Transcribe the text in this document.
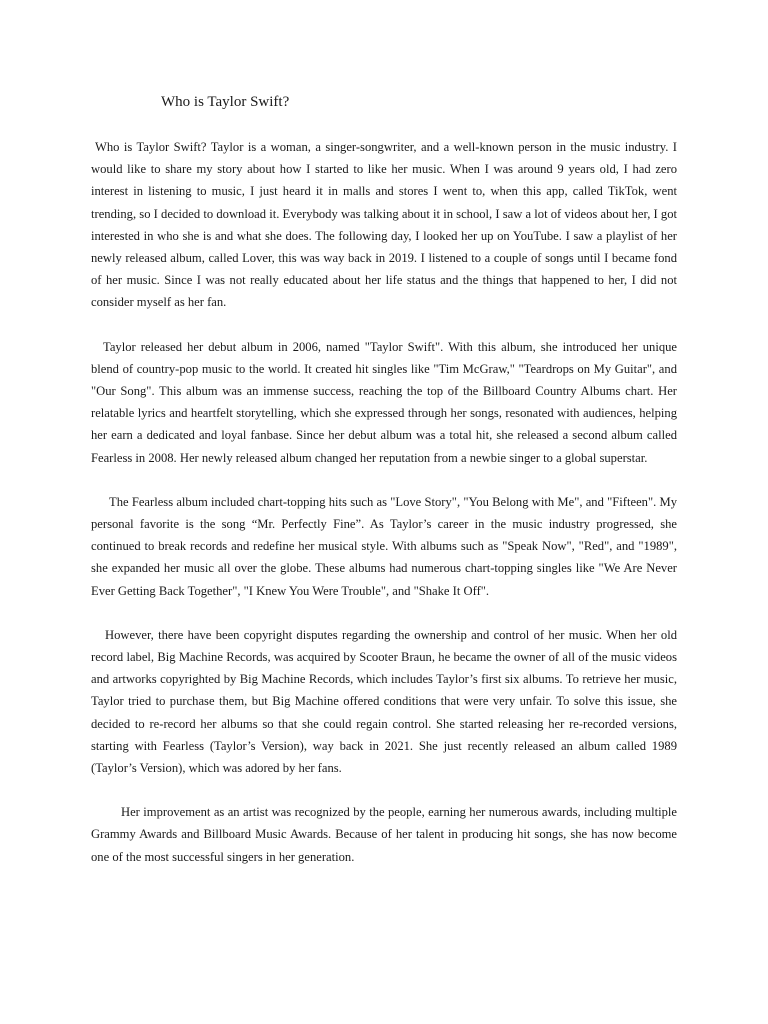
Who is Taylor Swift?

Who is Taylor Swift? Taylor is a woman, a singer-songwriter, and a well-known person in the music industry. I would like to share my story about how I started to like her music. When I was around 9 years old, I had zero interest in listening to music, I just heard it in malls and stores I went to, when this app, called TikTok, went trending, so I decided to download it. Everybody was talking about it in school, I saw a lot of videos about her, I got interested in who she is and what she does. The following day, I looked her up on YouTube. I saw a playlist of her newly released album, called Lover, this was way back in 2019. I listened to a couple of songs until I became fond of her music. Since I was not really educated about her life status and the things that happened to her, I did not consider myself as her fan.

Taylor released her debut album in 2006, named "Taylor Swift". With this album, she introduced her unique blend of country-pop music to the world. It created hit singles like "Tim McGraw," "Teardrops on My Guitar", and "Our Song". This album was an immense success, reaching the top of the Billboard Country Albums chart. Her relatable lyrics and heartfelt storytelling, which she expressed through her songs, resonated with audiences, helping her earn a dedicated and loyal fanbase. Since her debut album was a total hit, she released a second album called Fearless in 2008. Her newly released album changed her reputation from a newbie singer to a global superstar.

The Fearless album included chart-topping hits such as "Love Story", "You Belong with Me", and "Fifteen". My personal favorite is the song “Mr. Perfectly Fine”. As Taylor’s career in the music industry progressed, she continued to break records and redefine her musical style. With albums such as "Speak Now", "Red", and "1989", she expanded her music all over the globe. These albums had numerous chart-topping singles like "We Are Never Ever Getting Back Together", "I Knew You Were Trouble", and "Shake It Off".

However, there have been copyright disputes regarding the ownership and control of her music. When her old record label, Big Machine Records, was acquired by Scooter Braun, he became the owner of all of the music videos and artworks copyrighted by Big Machine Records, which includes Taylor’s first six albums. To retrieve her music, Taylor tried to purchase them, but Big Machine offered conditions that were very unfair. To solve this issue, she decided to re-record her albums so that she could regain control. She started releasing her re-recorded versions, starting with Fearless (Taylor’s Version), way back in 2021. She just recently released an album called 1989 (Taylor’s Version), which was adored by her fans.

Her improvement as an artist was recognized by the people, earning her numerous awards, including multiple Grammy Awards and Billboard Music Awards. Because of her talent in producing hit songs, she has now become one of the most successful singers in her generation.
